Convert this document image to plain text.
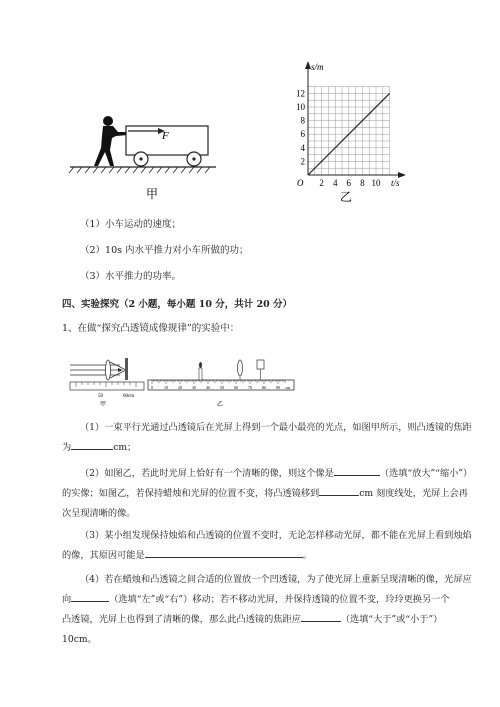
F
甲
s/m
t/s
O
2
4
6
8
10
12
2 4 6 8 10
乙
（1）小车运动的速度；
（2）10s 内水平推力对小车所做的功；
（3）水平推力的功率。
四、实验探究（2 小题，每小题 10 分，共计 20 分）
1、在做“探究凸透镜成像规律”的实验中：
50	60cm
甲
0	10	20	30	40	50	60	70	80	90 cm
乙
（1）一束平行光通过凸透镜后在光屏上得到一个最小最亮的光点，如图甲所示，则凸透镜的焦距
为	cm；
（2）如图乙，若此时光屏上恰好有一个清晰的像，则这个像是	（选填“放大”“缩小”）
的实像；如图乙，若保持蜡烛和光屏的位置不变，将凸透镜移到	cm 刻度线处，光屏上会再
次呈现清晰的像。
（3）某小组发现保持烛焰和凸透镜的位置不变时，无论怎样移动光屏，都不能在光屏上看到烛焰
的像，其原因可能是	。
（4）若在蜡烛和凸透镜之间合适的位置放一个凹透镜，为了使光屏上重新呈现清晰的像，光屏应
向	（选填“左”或“右”）移动；若不移动光屏，并保持透镜的位置不变，玲玲更换另一个
凸透镜，光屏上也得到了清晰的像，那么此凸透镜的焦距应	（选填“大于”或“小于”）
10cm。
